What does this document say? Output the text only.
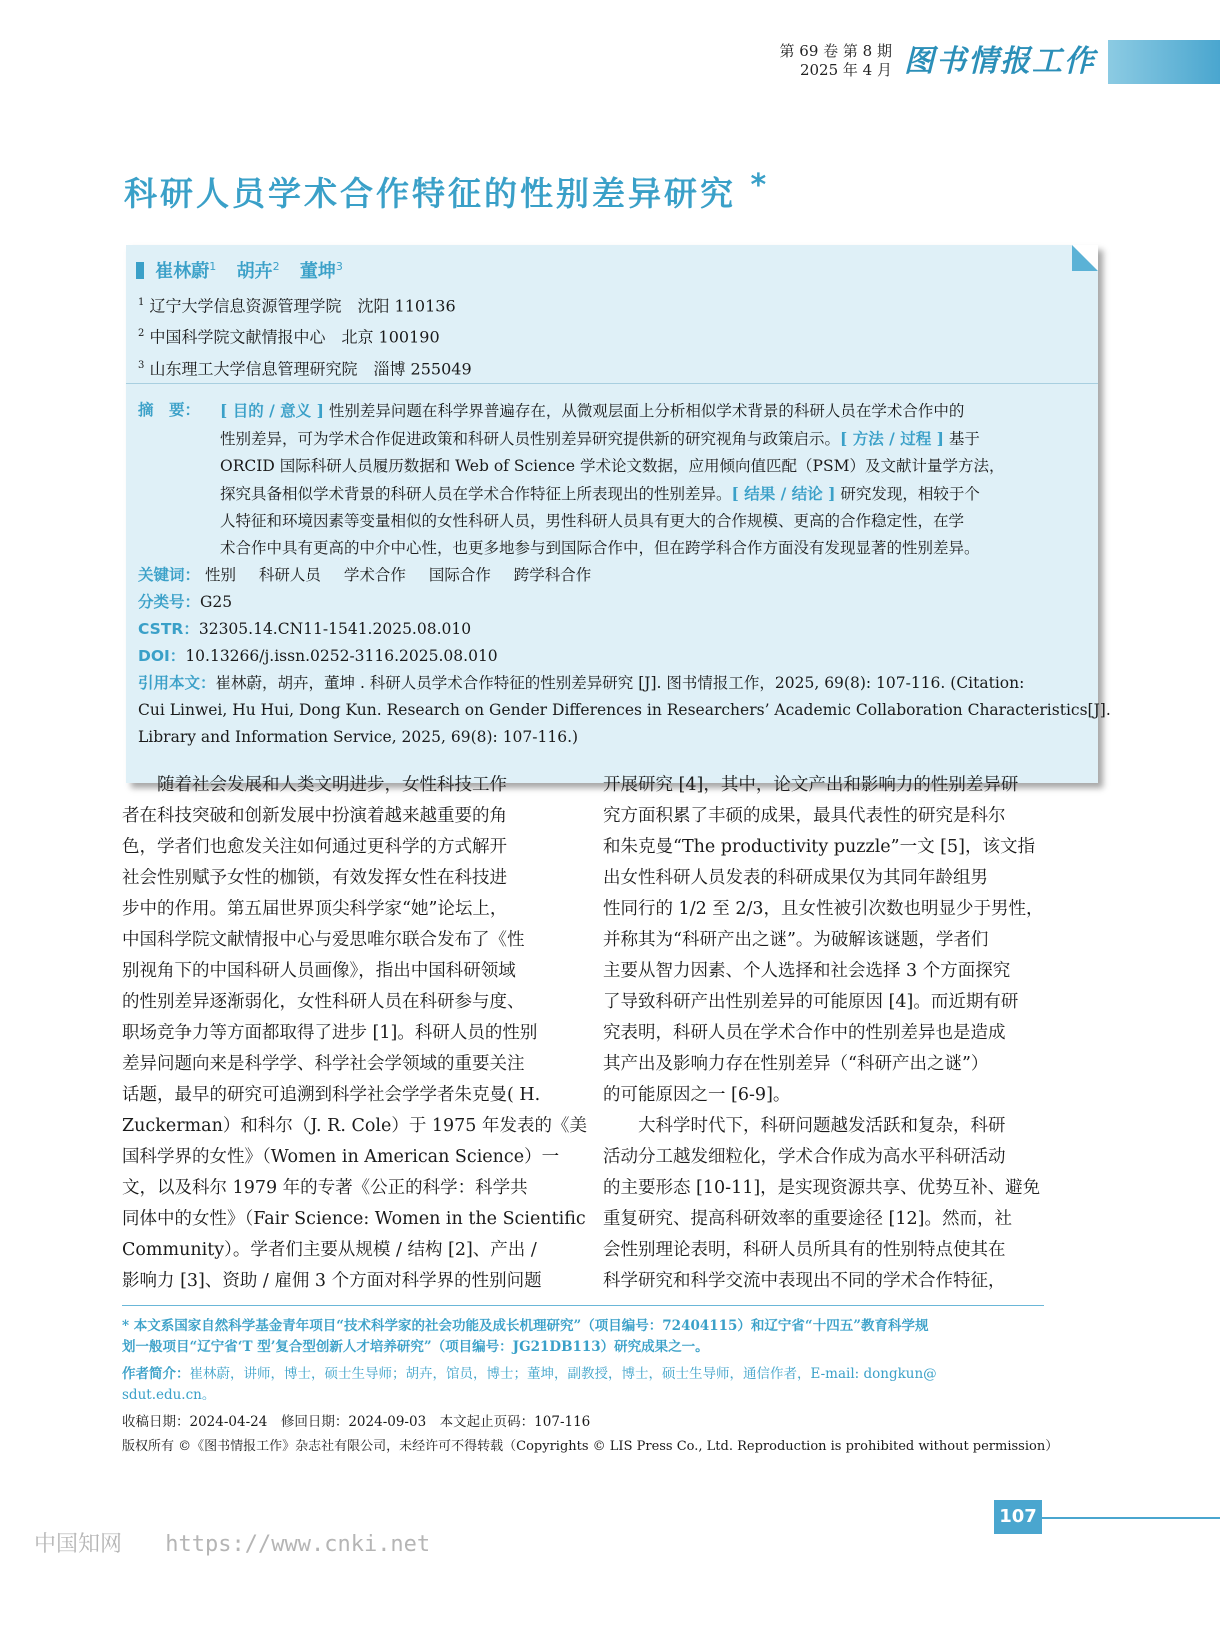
第 69 卷 第 8 期
2025 年 4 月 图书情报工作
科研人员学术合作特征的性别差异研究 *
崔林蔚$^1$ 胡卉$^2$ 董坤$^3$
$^1$ 辽宁大学信息资源管理学院　沈阳 110136
$^2$ 中国科学院文献情报中心　北京 100190
$^3$ 山东理工大学信息管理研究院　淄博 255049
摘　要：	[ 目的 / 意义 ] 性别差异问题在科学界普遍存在，从微观层面上分析相似学术背景的科研人员在学术合作中的
性别差异，可为学术合作促进政策和科研人员性别差异研究提供新的研究视角与政策启示。[ 方法 / 过程 ] 基于
ORCID 国际科研人员履历数据和 Web of Science 学术论文数据，应用倾向值匹配（PSM）及文献计量学方法，
探究具备相似学术背景的科研人员在学术合作特征上所表现出的性别差异。[ 结果 / 结论 ] 研究发现，相较于个
人特征和环境因素等变量相似的女性科研人员，男性科研人员具有更大的合作规模、更高的合作稳定性，在学
术合作中具有更高的中介中心性，也更多地参与到国际合作中，但在跨学科合作方面没有发现显著的性别差异。
关键词： 性别 科研人员 学术合作 国际合作 跨学科合作
分类号：G25
CSTR：32305.14.CN11-1541.2025.08.010
DOI：10.13266/j.issn.0252-3116.2025.08.010
引用本文：崔林蔚，胡卉，董坤 . 科研人员学术合作特征的性别差异研究 [J]. 图书情报工作，2025, 69(8): 107-116. (Citation:
Cui Linwei, Hu Hui, Dong Kun. Research on Gender Differences in Researchers’ Academic Collaboration Characteristics[J].
Library and Information Service, 2025, 69(8): 107-116.)
随着社会发展和人类文明进步，女性科技工作
者在科技突破和创新发展中扮演着越来越重要的角
色，学者们也愈发关注如何通过更科学的方式解开
社会性别赋予女性的枷锁，有效发挥女性在科技进
步中的作用。第五届世界顶尖科学家“她”论坛上，
中国科学院文献情报中心与爱思唯尔联合发布了《性
别视角下的中国科研人员画像》，指出中国科研领域
的性别差异逐渐弱化，女性科研人员在科研参与度、
职场竞争力等方面都取得了进步 [1]。科研人员的性别
差异问题向来是科学学、科学社会学领域的重要关注
话题，最早的研究可追溯到科学社会学学者朱克曼( H.
Zuckerman）和科尔（J. R. Cole）于 1975 年发表的《美
国科学界的女性》（Women in American Science）一
文，以及科尔 1979 年的专著《公正的科学：科学共
同体中的女性》（Fair Science: Women in the Scientific
Community）。学者们主要从规模 / 结构 [2]、产出 /
影响力 [3]、资助 / 雇佣 3 个方面对科学界的性别问题
开展研究 [4]，其中，论文产出和影响力的性别差异研
究方面积累了丰硕的成果，最具代表性的研究是科尔
和朱克曼“The productivity puzzle”一文 [5]，该文指
出女性科研人员发表的科研成果仅为其同年龄组男
性同行的 1/2 至 2/3，且女性被引次数也明显少于男性，
并称其为“科研产出之谜”。为破解该谜题，学者们
主要从智力因素、个人选择和社会选择 3 个方面探究
了导致科研产出性别差异的可能原因 [4]。而近期有研
究表明，科研人员在学术合作中的性别差异也是造成
其产出及影响力存在性别差异（“科研产出之谜”）
的可能原因之一 [6-9]。
大科学时代下，科研问题越发活跃和复杂，科研
活动分工越发细粒化，学术合作成为高水平科研活动
的主要形态 [10-11]，是实现资源共享、优势互补、避免
重复研究、提高科研效率的重要途径 [12]。然而，社
会性别理论表明，科研人员所具有的性别特点使其在
科学研究和科学交流中表现出不同的学术合作特征，
* 本文系国家自然科学基金青年项目“技术科学家的社会功能及成长机理研究”（项目编号：72404115）和辽宁省“十四五”教育科学规
划一般项目“辽宁省‘T 型’复合型创新人才培养研究”（项目编号：JG21DB113）研究成果之一。
作者简介：崔林蔚，讲师，博士，硕士生导师；胡卉，馆员，博士；董坤，副教授，博士，硕士生导师，通信作者，E-mail: dongkun@
sdut.edu.cn。
收稿日期：2024-04-24　修回日期：2024-09-03　本文起止页码：107-116
版权所有 ©《图书情报工作》杂志社有限公司，未经许可不得转载（Copyrights © LIS Press Co., Ltd. Reproduction is prohibited without permission）
107
中国知网 https://www.cnki.net
